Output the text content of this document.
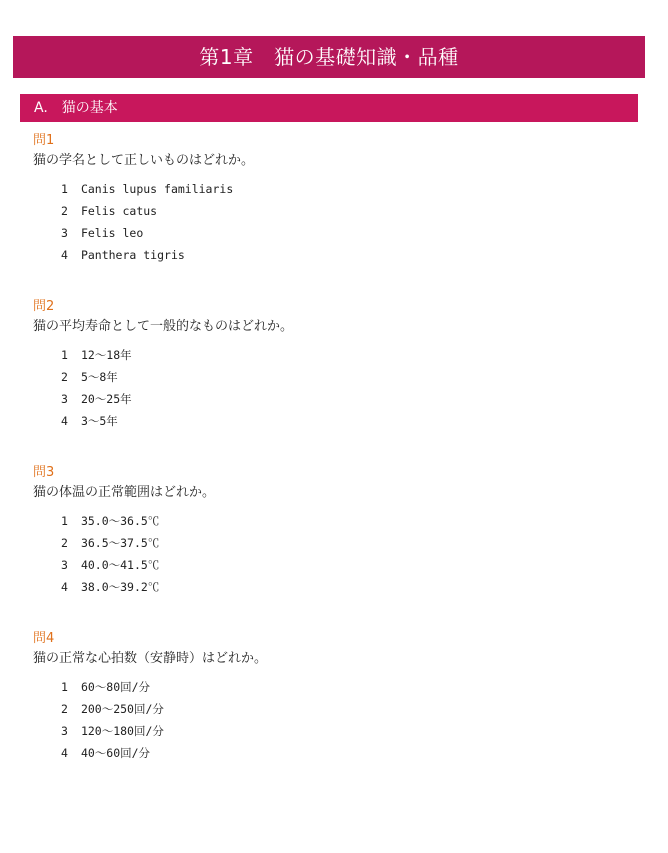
第1章　猫の基礎知識・品種
A.　猫の基本
問1
猫の学名として正しいものはどれか。
1 Canis lupus familiaris
2 Felis catus
3 Felis leo
4 Panthera tigris
問2
猫の平均寿命として一般的なものはどれか。
1 12〜18年
2 5〜8年
3 20〜25年
4 3〜5年
問3
猫の体温の正常範囲はどれか。
1 35.0〜36.5℃
2 36.5〜37.5℃
3 40.0〜41.5℃
4 38.0〜39.2℃
問4
猫の正常な心拍数（安静時）はどれか。
1 60〜80回/分
2 200〜250回/分
3 120〜180回/分
4 40〜60回/分
